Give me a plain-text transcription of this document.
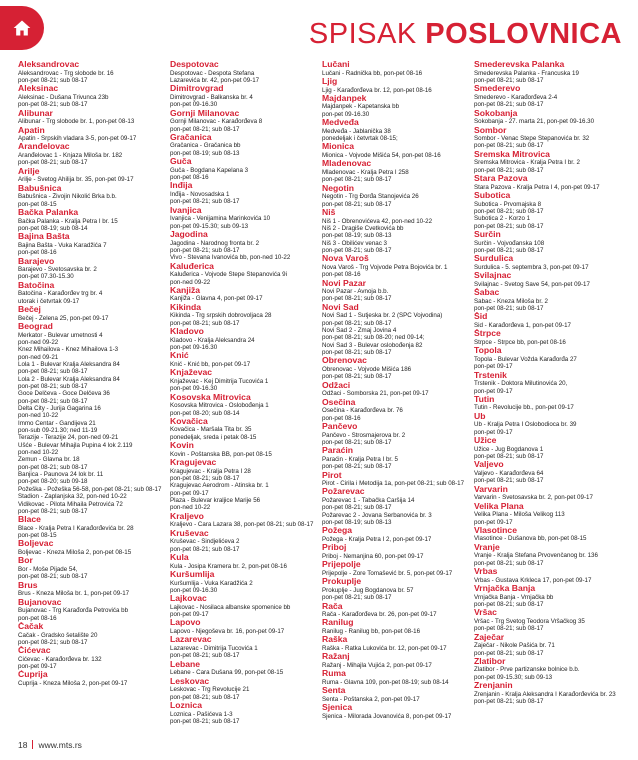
SPISAK POSLOVNICA
Aleksandrovac
Aleksandrovac - Trg slobode br. 16
pon-pet 08-21; sub 08-17
Aleksinac
Aleksinac - Dušana Trivunca 23b
pon-pet 08-21; sub 08-17
Alibunar
Alibunar - Trg slobode br. 1, pon-pet 08-13
Apatin
Apatin - Srpskih vladara 3-5, pon-pet 09-17
Aranđelovac
Aranđelovac 1 - Knjaza Miloša br. 182
pon-pet 08-21; sub 08-17
Arilje
Arilje - Svetog Ahilija br. 35, pon-pet 09-17
Babušnica
Babušnica - Živojin Nikolić Brka b.b.
pon-pet 08-15
Bačka Palanka
Bačka Palanka - Kralja Petra I br. 15
pon-pet 08-19; sub 08-14
Bajina Bašta
Bajina Bašta - Vuka Karadžića 7
pon-pet 08-16
Barajevo
Barajevo - Svetosavska br. 2
pon-pet 07.30-15.30
Batočina
Batočina - Karađorđev trg br. 4
utorak i četvrtak 09-17
Bečej
Bečej - Zelena 25, pon-pet 09-17
Beograd
Merkator - Bulevar umetnosti 4
pon-ned 09-22
Knez Mihailova - Knez Mihailova 1-3
pon-ned 09-21
Lola 1 - Bulevar Kralja Aleksandra 84
pon-pet 08-21; sub 08-17
Lola 2 - Bulevar Kralja Aleksandra 84
pon-pet 08-21; sub 08-17
Goce Delčeva - Goce Delčeva 36
pon-pet 08-21; sub 08-17
Delta City - Jurija Gagarina 16
pon-ned 10-22
Immo Centar - Gandijeva 21
pon-sub 09-21.30; ned 11-19
Terazije - Terazije 24, pon-ned 09-21
Ušće - Bulevar Mihajla Pupina 4 lok 2.119
pon-ned 10-22
Zemun - Glavna br. 18
pon-pet 08-21; sub 08-17
Banjica - Paunova 24 lok br. 11
pon-pet 08-20; sub 09-18
Požeška - Požeška 56-58, pon-pet 08-21; sub 08-17
Stadion - Zaplanjska 32, pon-ned 10-22
Vidikovac - Pilota Mihaila Petrovića 72
pon-pet 08-21; sub 08-17
Blace
Blace - Kralja Petra I Karađorđevića br. 28
pon-pet 08-15
Boljevac
Boljevac - Kneza Miloša 2, pon-pet 08-15
Bor
Bor - Moše Pijade 54,
pon-pet 08-21; sub 08-17
Brus
Brus - Kneza Miloša br. 1, pon-pet 09-17
Bujanovac
Bujanovac - Trg Karađorđa Petrovića bb
pon-pet 08-16
Čačak
Čačak - Gradsko šetalište 20
pon-pet 08-21; sub 08-17
Čićevac
Čićevac - Karađorđeva br. 132
pon-pet 09-17
Ćuprija
Ćuprija - Kneza Miloša 2, pon-pet 09-17
Despotovac
Despotovac - Despota Stefana
Lazarevića br. 42, pon-pet 09-17
Dimitrovgrad
Dimitrovgrad - Balkanska br. 4
pon-pet 09-16.30
Gornji Milanovac
Gornji Milanovac - Karađorđeva 8
pon-pet 08-21; sub 08-17
Gračanica
Gračanica - Gračanica bb
pon-pet 08-19; sub 08-13
Guča
Guča - Bogdana Kapelana 3
pon-pet 08-16
Inđija
Inđija - Novosadska 1
pon-pet 08-21; sub 08-17
Ivanjica
Ivanjica - Venijamina Marinkovića 10
pon-pet 09-15.30; sub 09-13
Jagodina
Jagodina - Narodnog fronta br. 2
pon-pet 08-21; sub 08-17
Vivo - Stevana Ivanovića bb, pon-ned 10-22
Kaluđerica
Kaluđerica - Vojvode Stepe Stepanovića 9i
pon-ned 09-22
Kanjiža
Kanjiža - Glavna 4, pon-pet 09-17
Kikinda
Kikinda - Trg srpskih dobrovoljaca 28
pon-pet 08-21; sub 08-17
Kladovo
Kladovo - Kralja Aleksandra 24
pon-pet 09-16.30
Knić
Knić - Knić bb, pon-pet 09-17
Knjaževac
Knjaževac - Kej Dimitrija Tucovića 1
pon-pet 09-16.30
Kosovska Mitrovica
Kosovska Mitrovica - Oslobođenja 1
pon-pet 08-20; sub 08-14
Kovačica
Kovačica - Maršala Tita br. 35
ponedeljak, sreda i petak 08-15
Kovin
Kovin - Poštanska BB, pon-pet 08-15
Kragujevac
Kragujevac - Kralja Petra I 28
pon-pet 08-21; sub 08-17
Kragujevac Aerodrom - Atinska br. 1
pon-pet 09-17
Plaza - Bulevar kraljice Marije 56
pon-ned 10-22
Kraljevo
Kraljevo - Cara Lazara 38, pon-pet 08-21; sub 08-17
Kruševac
Kruševac - Sindjelićeva 2
pon-pet 08-21; sub 08-17
Kula
Kula - Josipa Kramera br. 2, pon-pet 08-16
Kuršumlija
Kuršumlija - Vuka Karadžića 2
pon-pet 09-16.30
Lajkovac
Lajkovac - Nosilaca albanske spomenice bb
pon-pet 09-17
Lapovo
Lapovo - Njegoševa br. 16, pon-pet 09-17
Lazarevac
Lazarevac - Dimitrija Tucovića 1
pon-pet 08-21; sub 08-17
Lebane
Lebane - Cara Dušana 99, pon-pet 08-15
Leskovac
Leskovac - Trg Revolucije 21
pon-pet 08-21; sub 08-17
Loznica
Loznica - Pašićeva 1-3
pon-pet 08-21; sub 08-17
Lučani
Lučani - Radnička bb, pon-pet 08-16
Ljig
Ljig - Karađorđeva br. 12, pon-pet 08-16
Majdanpek
Majdanpek - Kapetanska bb
pon-pet 09-16.30
Medveđa
Medveđa - Jablanička 38
ponedeljak i četvrtak 08-15;
Mionica
Mionica - Vojvode Mišića 54, pon-pet 08-16
Mladenovac
Mladenovac - Kralja Petra I 258
pon-pet 08-21; sub 08-17
Negotin
Negotin - Trg Đorđa Stanojevića 26
pon-pet 08-21; sub 08-17
Niš
Niš 1 - Obrenovićeva 42, pon-ned 10-22
Niš 2 - Dragiše Cvetkovića bb
pon-pet 08-19; sub 08-13
Niš 3 - Obilićev venac 3
pon-pet 08-21; sub 08-17
Nova Varoš
Nova Varoš - Trg Vojvode Petra Bojovića br. 1
pon-pet 08-16
Novi Pazar
Novi Pazar - Avnoja b.b.
pon-pet 08-21; sub 08-17
Novi Sad
Novi Sad 1 - Sutjeska br. 2 (SPC Vojvodina)
pon-pet 08-21; sub 08-17
Novi Sad 2 - Zmaj Jovina 4
pon-pet 08-21; sub 08-20; ned 09-14;
Novi Sad 3 - Bulevar oslobođenja 82
pon-pet 08-21; sub 08-17
Obrenovac
Obrenovac - Vojvode Mišića 186
pon-pet 08-21; sub 08-17
Odžaci
Odžaci - Somborska 21, pon-pet 09-17
Osečina
Osečina - Karađorđeva br. 76
pon-pet 08-16
Pančevo
Pančevo - Štrosmajerova br. 2
pon-pet 08-21; sub 08-17
Paraćin
Paraćin - Kralja Petra I br. 5
pon-pet 08-21; sub 08-17
Pirot
Pirot - Ćirila i Metodija 1a, pon-pet 08-21; sub 08-17
Požarevac
Požarevac 1 - Tabačka Čaršija 14
pon-pet 08-21; sub 08-17
Požarevac 2 - Jovana Šerbanovića br. 3
pon-pet 08-19; sub 08-13
Požega
Požega - Kralja Petra I 2, pon-pet 09-17
Priboj
Priboj - Nemanjina 60, pon-pet 09-17
Prijepolje
Prijepolje - Zore Tomašević br. 5, pon-pet 09-17
Prokuplje
Prokuplje - Jug Bogdanova br. 57
pon-pet 08-21; sub 08-17
Rača
Rača - Karađorđeva br. 26, pon-pet 09-17
Ranilug
Ranilug - Ranilug bb, pon-pet 08-16
Raška
Raška - Ratka Lukovića br. 12, pon-pet 09-17
Ražanj
Ražanj - Mihajla Vujića 2, pon-pet 09-17
Ruma
Ruma - Glavna 109, pon-pet 08-19; sub 08-14
Senta
Senta - Poštanska 2, pon-pet 09-17
Sjenica
Sjenica - Milorada Jovanovića 8, pon-pet 09-17
Smederevska Palanka
Smederevska Palanka - Francuska 19
pon-pet 08-21; sub 08-17
Smederevo
Smederevo - Karađorđeva 2-4
pon-pet 08-21; sub 08-17
Sokobanja
Sokobanja - 27. marta 21, pon-pet 09-16.30
Sombor
Sombor - Venac Stepe Stepanovića br. 32
pon-pet 08-21; sub 08-17
Sremska Mitrovica
Sremska Mitrovica - Kralja Petra I br. 2
pon-pet 08-21; sub 08-17
Stara Pazova
Stara Pazova - Kralja Petra I 4, pon-pet 09-17
Subotica
Subotica - Prvomajska 8
pon-pet 08-21; sub 08-17
Subotica 2 - Korzo 1
pon-pet 08-21; sub 08-17
Surčin
Surčin - Vojvođanska 108
pon-pet 08-21; sub 08-17
Surdulica
Surdulica - 5. septembra 3, pon-pet 09-17
Svilajnac
Svilajnac - Svetog Save 54, pon-pet 09-17
Šabac
Šabac - Kneza Miloša br. 2
pon-pet 08-21; sub 08-17
Šid
Šid - Karađorđeva 1, pon-pet 09-17
Štrpce
Štrpce - Štrpce bb, pon-pet 08-16
Topola
Topola - Bulevar Vožda Karađorđa 27
pon-pet 09-17
Trstenik
Trstenik - Doktora Milutinovića 20,
pon-pet 09-17
Tutin
Tutin - Revolucije bb., pon-pet 09-17
Ub
Ub - Kralja Petra I Oslobodioca br. 39
pon-pet 09-17
Užice
Užice - Jug Bogdanova 1
pon-pet 08-21; sub 08-17
Valjevo
Valjevo - Karađorđeva 64
pon-pet 08-21; sub 08-17
Varvarin
Varvarin - Svetosavska br. 2, pon-pet 09-17
Velika Plana
Velika Plana - Miloša Velikog 113
pon-pet 09-17
Vlasotince
Vlasotince - Dušanova bb, pon-pet 08-15
Vranje
Vranje - Kralja Stefana Prvovenčanog br. 136
pon-pet 08-21; sub 08-17
Vrbas
Vrbas - Gustava Krkleca 17, pon-pet 09-17
Vrnjačka Banja
Vrnjačka Banja - Vrnjačka bb
pon-pet 08-21; sub 08-17
Vršac
Vršac - Trg Svetog Teodora Vršačkog 35
pon-pet 08-21; sub 08-17
Zaječar
Zaječar - Nikole Pašića br. 71
pon-pet 08-21; sub 08-17
Zlatibor
Zlatibor - Prve partizanske bolnice b.b.
pon-pet 09-15.30; sub 09-13
Zrenjanin
Zrenjanin - Kralja Aleksandra I Karađorđevića br. 23
pon-pet 08-21; sub 08-17
18 www.mts.rs
